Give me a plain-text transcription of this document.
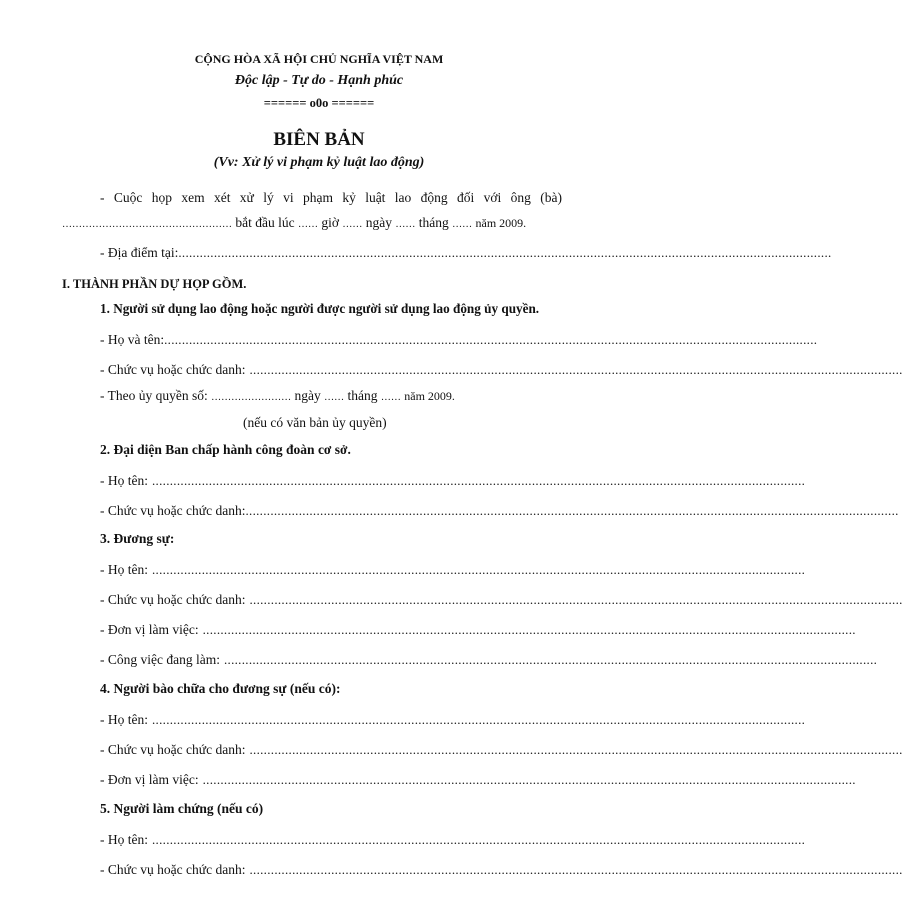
CỘNG HÒA XÃ HỘI CHỦ NGHĨA VIỆT NAM
Độc lập - Tự do - Hạnh phúc
====== o0o ======
BIÊN BẢN
(Vv: Xử lý vi phạm kỷ luật lao động)
- Cuộc họp xem xét xử lý vi phạm kỷ luật lao động đối với ông (bà)
…………………………………………… bắt đầu lúc …… giờ …… ngày …… tháng …… năm 2009.
- Địa điểm tại: ........................................................................................................................................................................................
I. THÀNH PHẦN DỰ HỌP GỒM.
1. Người sử dụng lao động hoặc người được người sử dụng lao động ủy quyền.
- Họ và tên: ........................................................................................................................................................................................
- Chức vụ hoặc chức danh: ........................................................................................................................................................................................
- Theo ủy quyền số: …………………… ngày …… tháng …… năm 2009.
(nếu có văn bản ủy quyền)
2. Đại diện Ban chấp hành công đoàn cơ sở.
- Họ tên: ........................................................................................................................................................................................
- Chức vụ hoặc chức danh: ........................................................................................................................................................................................
3. Đương sự:
- Họ tên: ........................................................................................................................................................................................
- Chức vụ hoặc chức danh: ........................................................................................................................................................................................
- Đơn vị làm việc: ........................................................................................................................................................................................
- Công việc đang làm: ........................................................................................................................................................................................
4. Người bào chữa cho đương sự (nếu có):
- Họ tên: ........................................................................................................................................................................................
- Chức vụ hoặc chức danh: ........................................................................................................................................................................................
- Đơn vị làm việc: ........................................................................................................................................................................................
5. Người làm chứng (nếu có)
- Họ tên: ........................................................................................................................................................................................
- Chức vụ hoặc chức danh: ........................................................................................................................................................................................
